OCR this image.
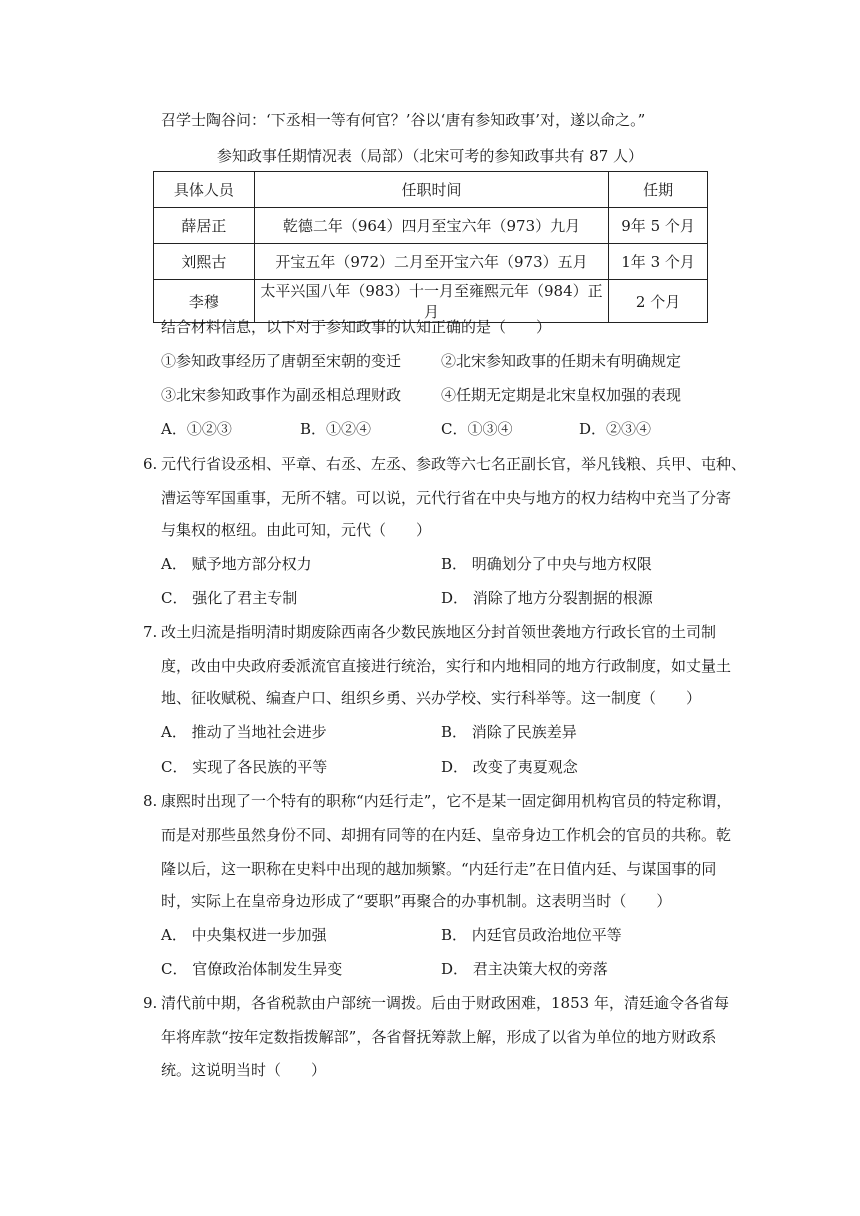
召学士陶谷问：‘下丞相一等有何官？’谷以‘唐有参知政事’对，遂以命之。”
参知政事任期情况表（局部）（北宋可考的参知政事共有 87 人）
具体人员	任职时间	任期
薛居正	乾德二年（964）四月至宝六年（973）九月	9年 5 个月
刘熙古	开宝五年（972）二月至开宝六年（973）五月	1年 3 个月
李穆	太平兴国八年（983）十一月至雍熙元年（984）正月	2 个月
结合材料信息，以下对于参知政事的认知正确的是（　　）
①参知政事经历了唐朝至宋朝的变迁	②北宋参知政事的任期未有明确规定
③北宋参知政事作为副丞相总理财政	④任期无定期是北宋皇权加强的表现
A．①②③	B．①②④	C．①③④	D．②③④
6. 元代行省设丞相、平章、右丞、左丞、参政等六七名正副长官，举凡钱粮、兵甲、屯种、
漕运等军国重事，无所不辖。可以说，元代行省在中央与地方的权力结构中充当了分寄
与集权的枢纽。由此可知，元代（　　）
A． 赋予地方部分权力	B． 明确划分了中央与地方权限
C． 强化了君主专制	D． 消除了地方分裂割据的根源
7. 改土归流是指明清时期废除西南各少数民族地区分封首领世袭地方行政长官的土司制
度，改由中央政府委派流官直接进行统治，实行和内地相同的地方行政制度，如丈量土
地、征收赋税、编查户口、组织乡勇、兴办学校、实行科举等。这一制度（　　）
A． 推动了当地社会进步	B． 消除了民族差异
C． 实现了各民族的平等	D． 改变了夷夏观念
8. 康熙时出现了一个特有的职称“内廷行走”，它不是某一固定御用机构官员的特定称谓，
而是对那些虽然身份不同、却拥有同等的在内廷、皇帝身边工作机会的官员的共称。乾
隆以后，这一职称在史料中出现的越加频繁。“内廷行走”在日值内廷、与谋国事的同
时，实际上在皇帝身边形成了“要职”再聚合的办事机制。这表明当时（　　）
A． 中央集权进一步加强	B． 内廷官员政治地位平等
C． 官僚政治体制发生异变	D． 君主决策大权的旁落
9. 清代前中期，各省税款由户部统一调拨。后由于财政困难，1853 年，清廷逾令各省每
年将库款“按年定数指拨解部”，各省督抚筹款上解，形成了以省为单位的地方财政系
统。这说明当时（　　）
